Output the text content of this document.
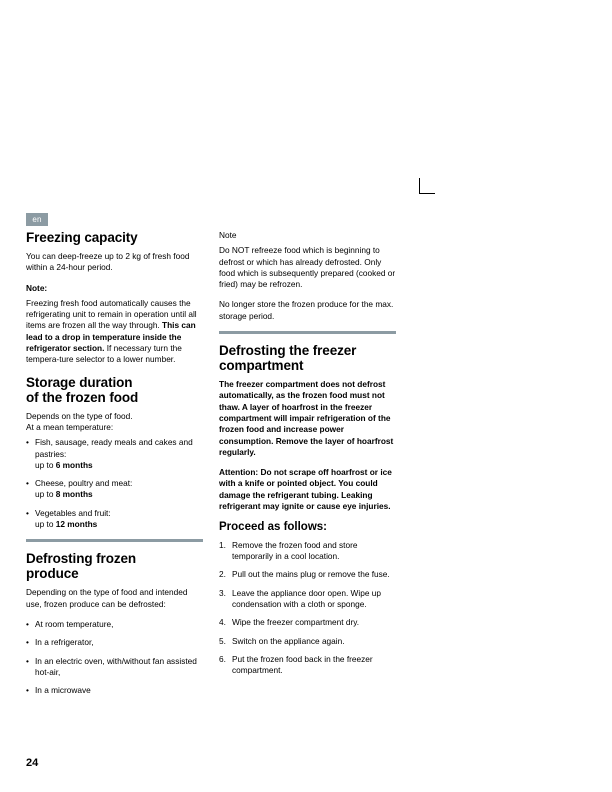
en
Freezing capacity

You can deep-freeze up to 2 kg of fresh food within a 24-hour period.

Note:

Freezing fresh food automatically causes the refrigerating unit to remain in operation until all items are frozen all the way through. This can lead to a drop in temperature inside the refrigerator section. If necessary turn the tempera-ture selector to a lower number.

Storage duration
of the frozen food

Depends on the type of food.
At a mean temperature:

• Fish, sausage, ready meals and cakes and pastries:
up to 6 months
• Cheese, poultry and meat:
up to 8 months
• Vegetables and fruit:
up to 12 months
Defrosting frozen
produce

Depending on the type of food and intended use, frozen produce can be defrosted:

• At room temperature,
• In a refrigerator,
• In an electric oven, with/without fan assisted hot-air,
• In a microwave

Note

Do NOT refreeze food which is beginning to defrost or which has already defrosted. Only food which is subsequently prepared (cooked or fried) may be refrozen.

No longer store the frozen produce for the max. storage period.

Defrosting the freezer
compartment

The freezer compartment does not defrost automatically, as the frozen food must not thaw. A layer of hoarfrost in the freezer compartment will impair refrigeration of the frozen food and increase power consumption. Remove the layer of hoarfrost regularly.

Attention: Do not scrape off hoarfrost or ice with a knife or pointed object. You could damage the refrigerant tubing. Leaking refrigerant may ignite or cause eye injuries.

Proceed as follows:
Remove the frozen food and store temporarily in a cool location.
Pull out the mains plug or remove the fuse.
Leave the appliance door open. Wipe up condensation with a cloth or sponge.
Wipe the freezer compartment dry.
Switch on the appliance again.
Put the frozen food back in the freezer compartment.
24
